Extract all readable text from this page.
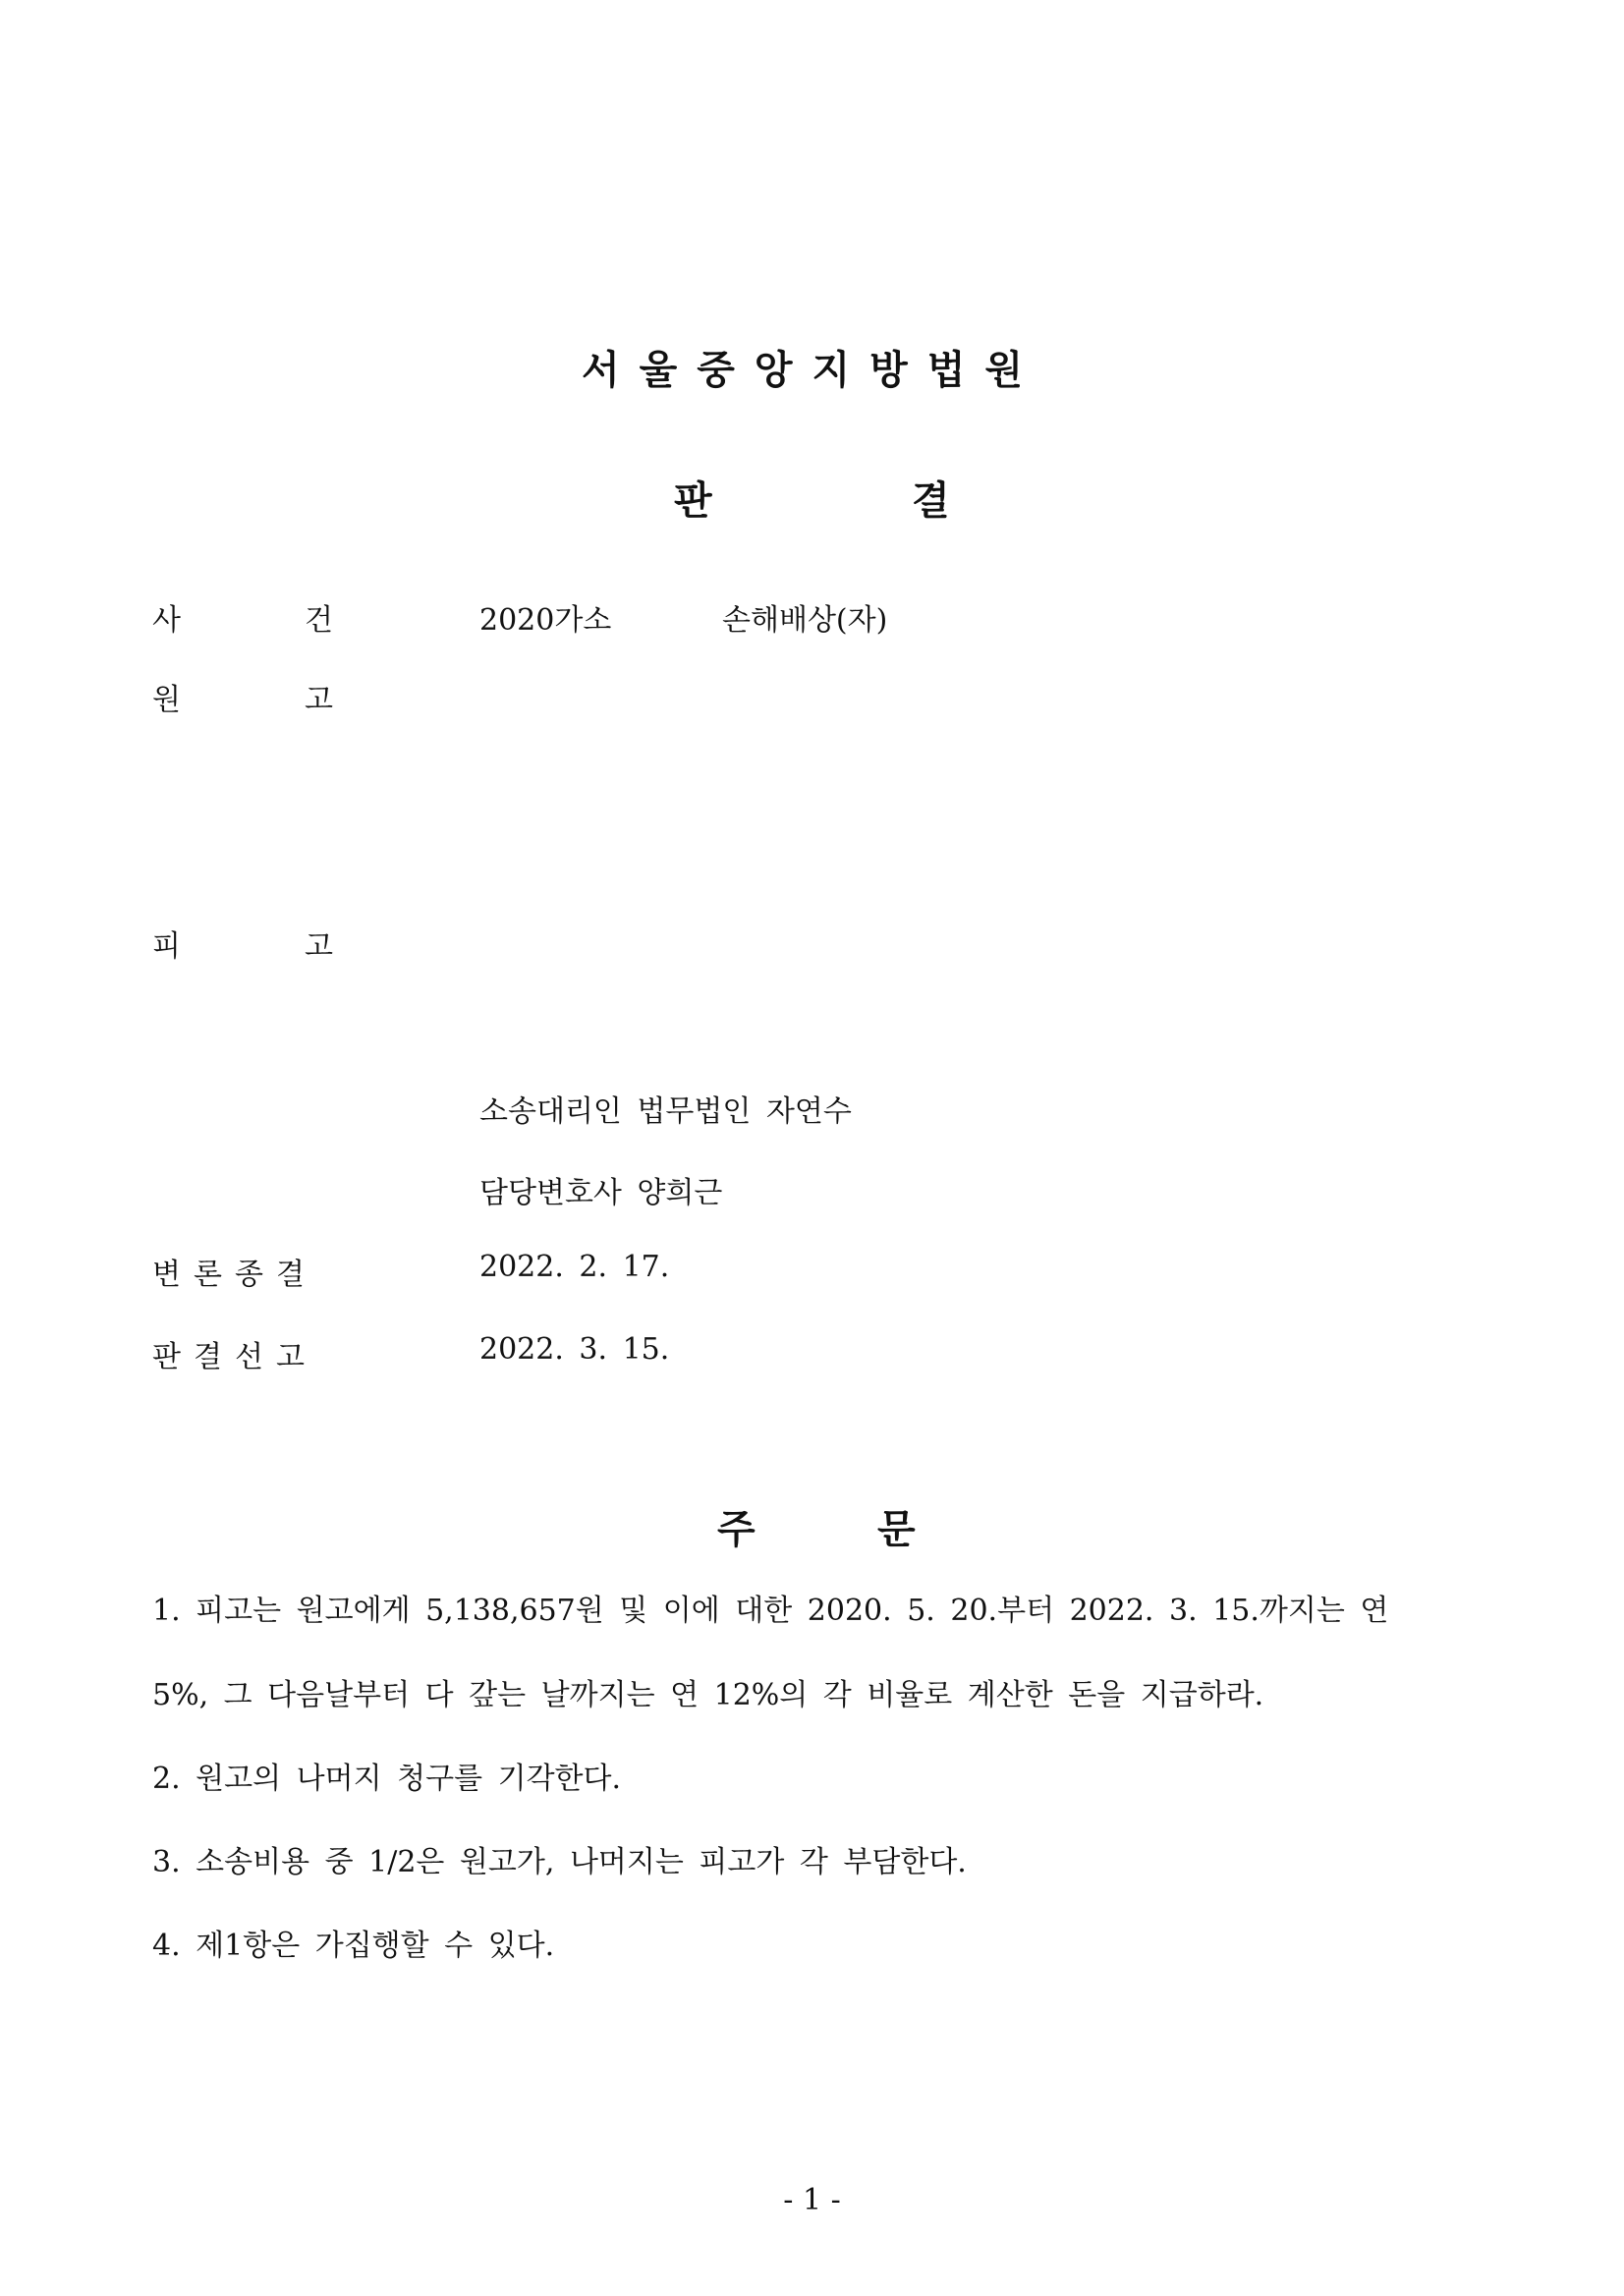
서울중앙지방법원
판	결
사	건	2020가소	손해배상(자)
원	고
피	고
소송대리인 법무법인 자연수
담당변호사 양희근
변론종결	2022. 2. 17.
판결선고	2022. 3. 15.
주	문
1. 피고는 원고에게 5,138,657원 및 이에 대한 2020. 5. 20.부터 2022. 3. 15.까지는 연
5%, 그 다음날부터 다 갚는 날까지는 연 12%의 각 비율로 계산한 돈을 지급하라.
2. 원고의 나머지 청구를 기각한다.
3. 소송비용 중 1/2은 원고가, 나머지는 피고가 각 부담한다.
4. 제1항은 가집행할 수 있다.
- 1 -
